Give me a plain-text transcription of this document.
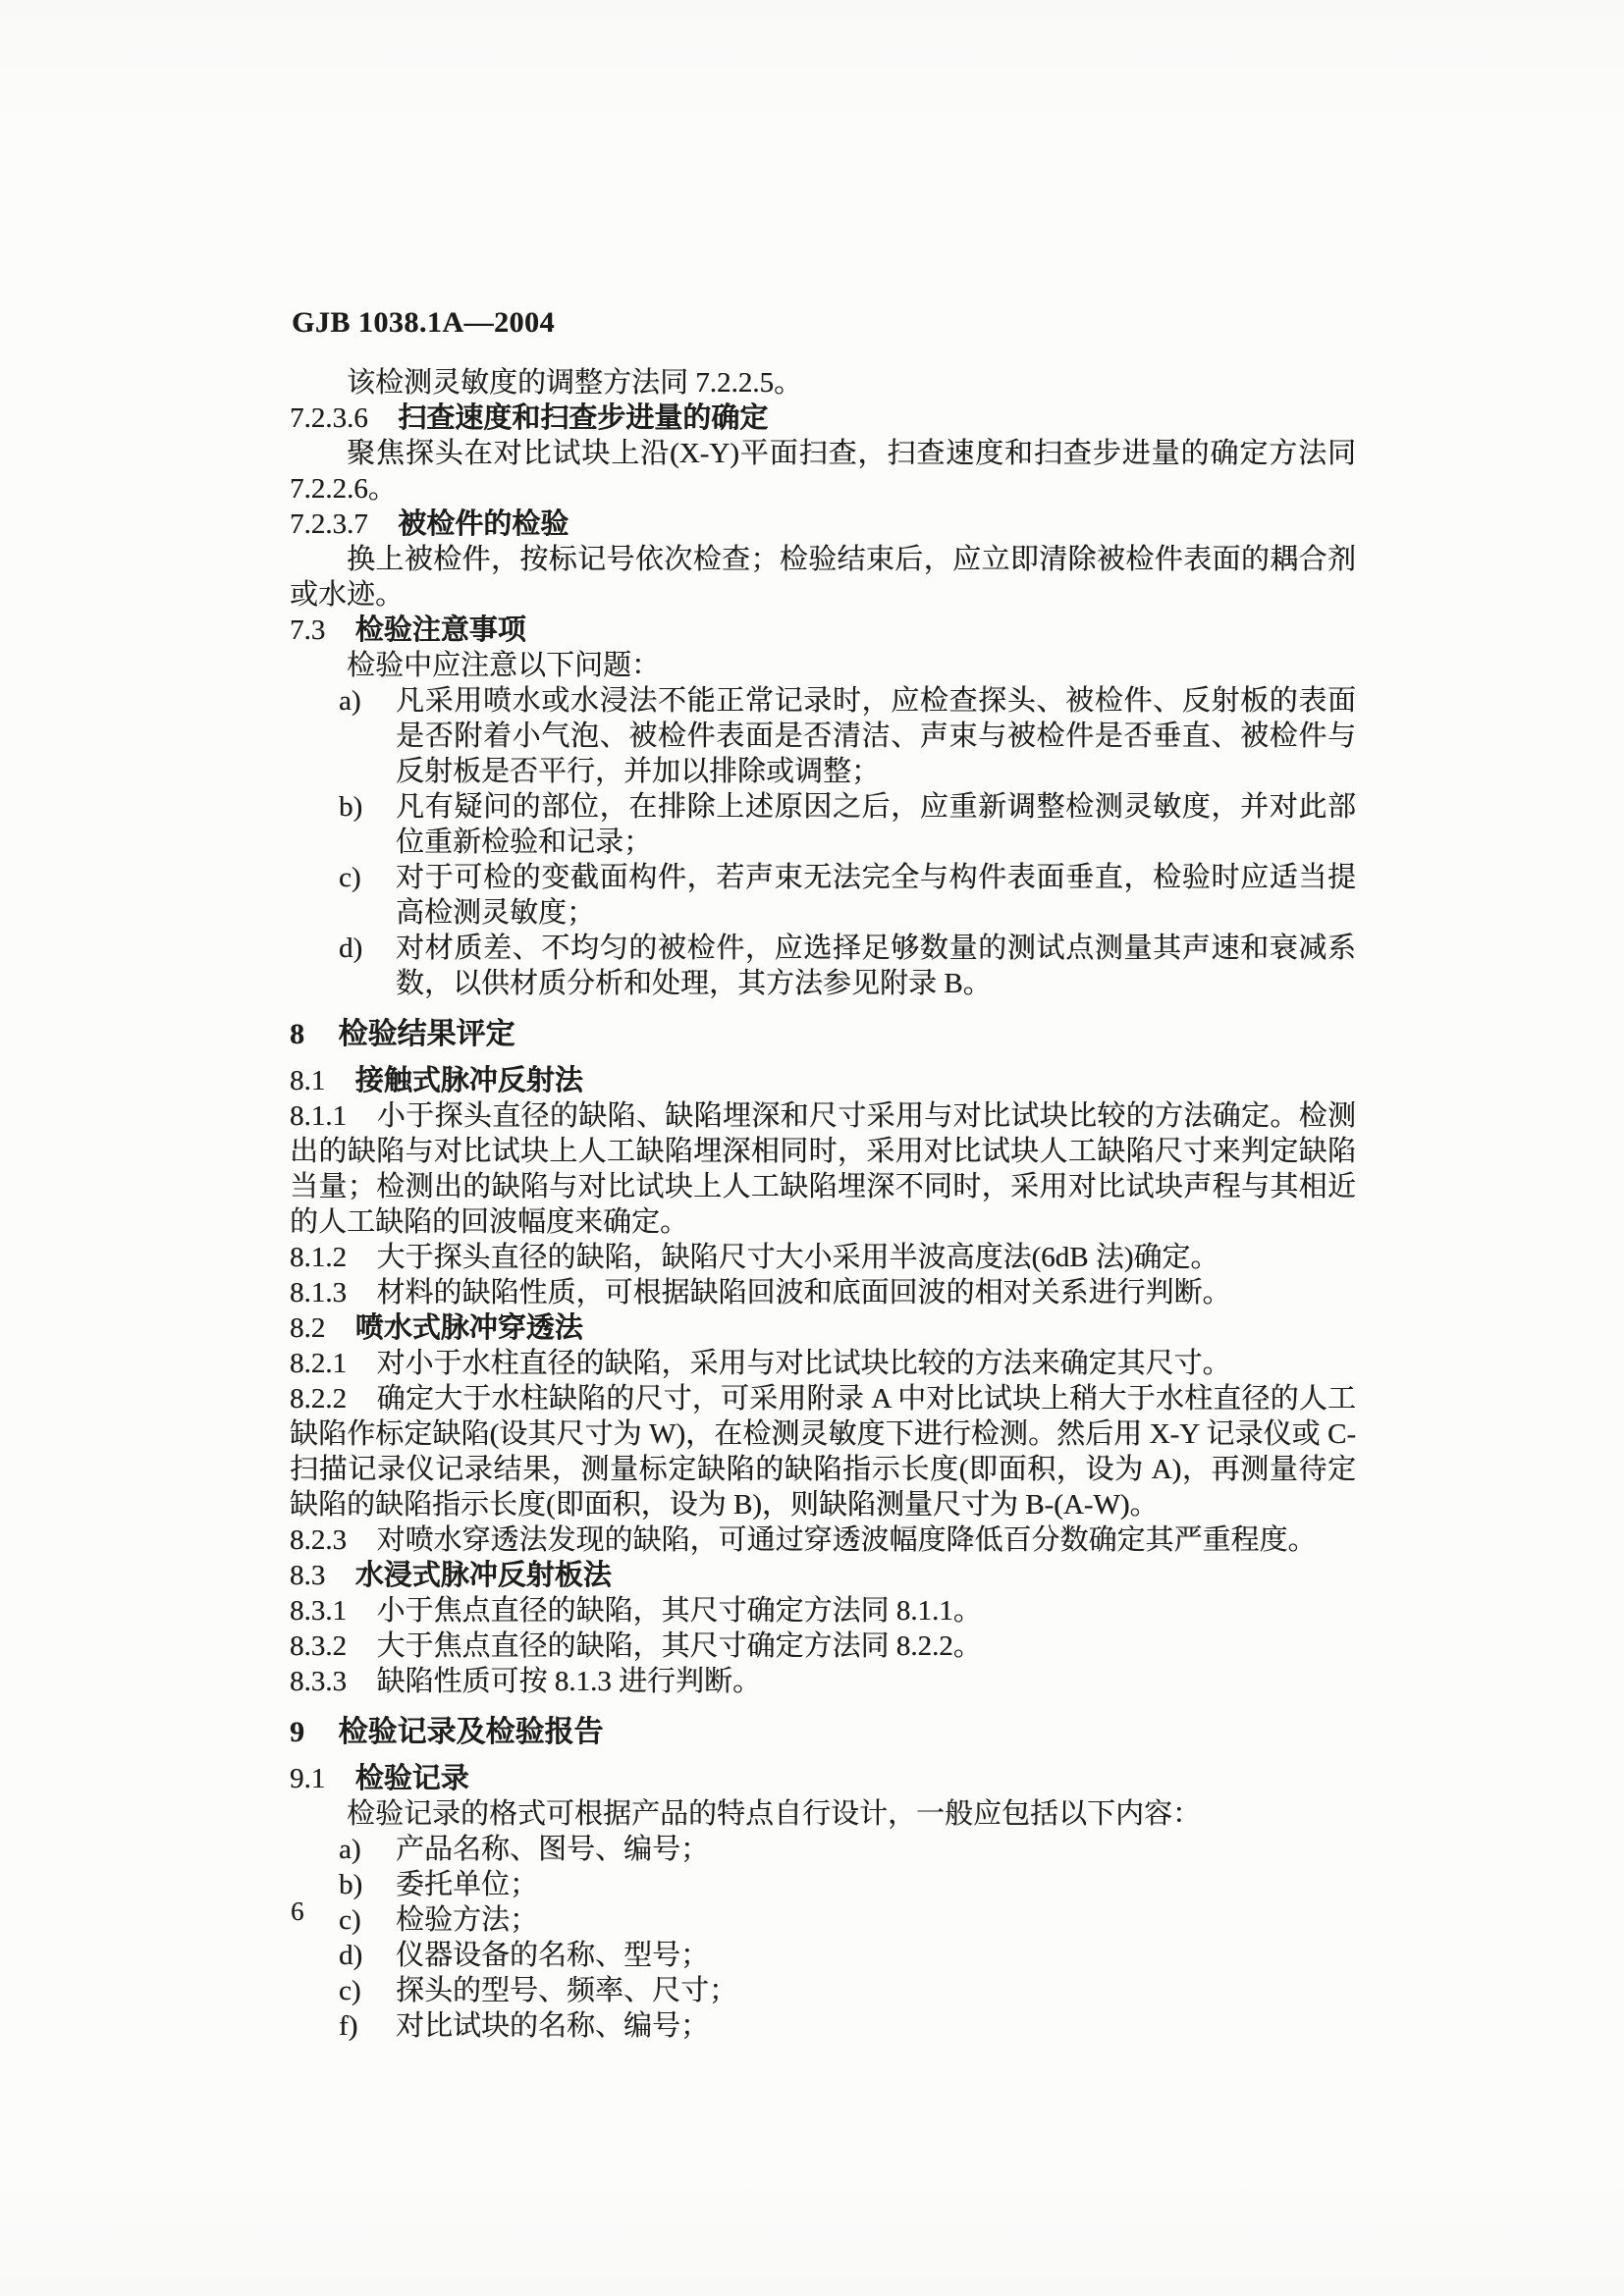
GJB 1038.1A—2004

该检测灵敏度的调整方法同 7.2.2.5。

7.2.3.6 扫查速度和扫查步进量的确定

聚焦探头在对比试块上沿(X-Y)平面扫查，扫查速度和扫查步进量的确定方法同 7.2.2.6。

7.2.3.7 被检件的检验

换上被检件，按标记号依次检查；检验结束后，应立即清除被检件表面的耦合剂或水迹。

7.3 检验注意事项

检验中应注意以下问题：

a)	凡采用喷水或水浸法不能正常记录时，应检查探头、被检件、反射板的表面是否附着小气泡、被检件表面是否清洁、声束与被检件是否垂直、被检件与反射板是否平行，并加以排除或调整；
b)	凡有疑问的部位，在排除上述原因之后，应重新调整检测灵敏度，并对此部位重新检验和记录；
c)	对于可检的变截面构件，若声束无法完全与构件表面垂直，检验时应适当提高检测灵敏度；
d)	对材质差、不均匀的被检件，应选择足够数量的测试点测量其声速和衰减系数，以供材质分析和处理，其方法参见附录 B。

8 检验结果评定

8.1 接触式脉冲反射法

8.1.1 小于探头直径的缺陷、缺陷埋深和尺寸采用与对比试块比较的方法确定。检测出的缺陷与对比试块上人工缺陷埋深相同时，采用对比试块人工缺陷尺寸来判定缺陷当量；检测出的缺陷与对比试块上人工缺陷埋深不同时，采用对比试块声程与其相近的人工缺陷的回波幅度来确定。

8.1.2 大于探头直径的缺陷，缺陷尺寸大小采用半波高度法(6dB 法)确定。

8.1.3 材料的缺陷性质，可根据缺陷回波和底面回波的相对关系进行判断。

8.2 喷水式脉冲穿透法

8.2.1 对小于水柱直径的缺陷，采用与对比试块比较的方法来确定其尺寸。

8.2.2 确定大于水柱缺陷的尺寸，可采用附录 A 中对比试块上稍大于水柱直径的人工缺陷作标定缺陷(设其尺寸为 W)，在检测灵敏度下进行检测。然后用 X-Y 记录仪或 C-扫描记录仪记录结果，测量标定缺陷的缺陷指示长度(即面积，设为 A)，再测量待定缺陷的缺陷指示长度(即面积，设为 B)，则缺陷测量尺寸为 B-(A-W)。

8.2.3 对喷水穿透法发现的缺陷，可通过穿透波幅度降低百分数确定其严重程度。

8.3 水浸式脉冲反射板法

8.3.1 小于焦点直径的缺陷，其尺寸确定方法同 8.1.1。

8.3.2 大于焦点直径的缺陷，其尺寸确定方法同 8.2.2。

8.3.3 缺陷性质可按 8.1.3 进行判断。

9 检验记录及检验报告

9.1 检验记录

检验记录的格式可根据产品的特点自行设计，一般应包括以下内容：

a)	产品名称、图号、编号；
b)	委托单位；
c)	检验方法；
d)	仪器设备的名称、型号；
c)	探头的型号、频率、尺寸；
f)	对比试块的名称、编号；
6
